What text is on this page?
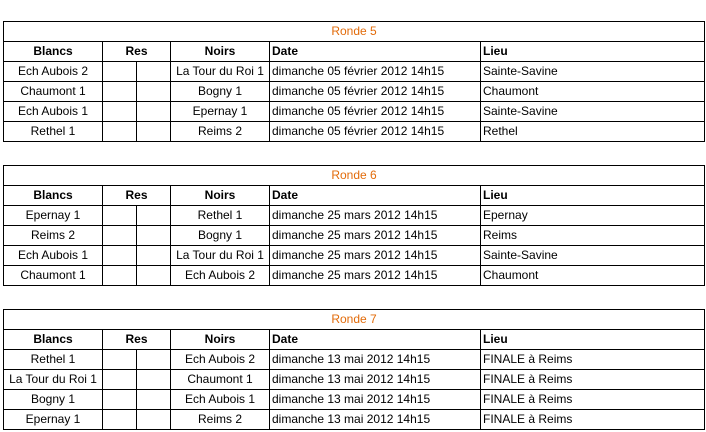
Ronde 5					
Blancs	Res		Noirs	Date	Lieu
Ech Aubois 2			La Tour du Roi 1	dimanche 05 février 2012 14h15	Sainte-Savine
Chaumont 1			Bogny 1	dimanche 05 février 2012 14h15	Chaumont
Ech Aubois 1			Epernay 1	dimanche 05 février 2012 14h15	Sainte-Savine
Rethel 1			Reims 2	dimanche 05 février 2012 14h15	Rethel
Ronde 6					
Blancs	Res		Noirs	Date	Lieu
Epernay 1			Rethel 1	dimanche 25 mars 2012 14h15	Epernay
Reims 2			Bogny 1	dimanche 25 mars 2012 14h15	Reims
Ech Aubois 1			La Tour du Roi 1	dimanche 25 mars 2012 14h15	Sainte-Savine
Chaumont 1			Ech Aubois 2	dimanche 25 mars 2012 14h15	Chaumont
Ronde 7					
Blancs	Res		Noirs	Date	Lieu
Rethel 1			Ech Aubois 2	dimanche 13 mai 2012 14h15	FINALE à Reims
La Tour du Roi 1			Chaumont 1	dimanche 13 mai 2012 14h15	FINALE à Reims
Bogny 1			Ech Aubois 1	dimanche 13 mai 2012 14h15	FINALE à Reims
Epernay 1			Reims 2	dimanche 13 mai 2012 14h15	FINALE à Reims
